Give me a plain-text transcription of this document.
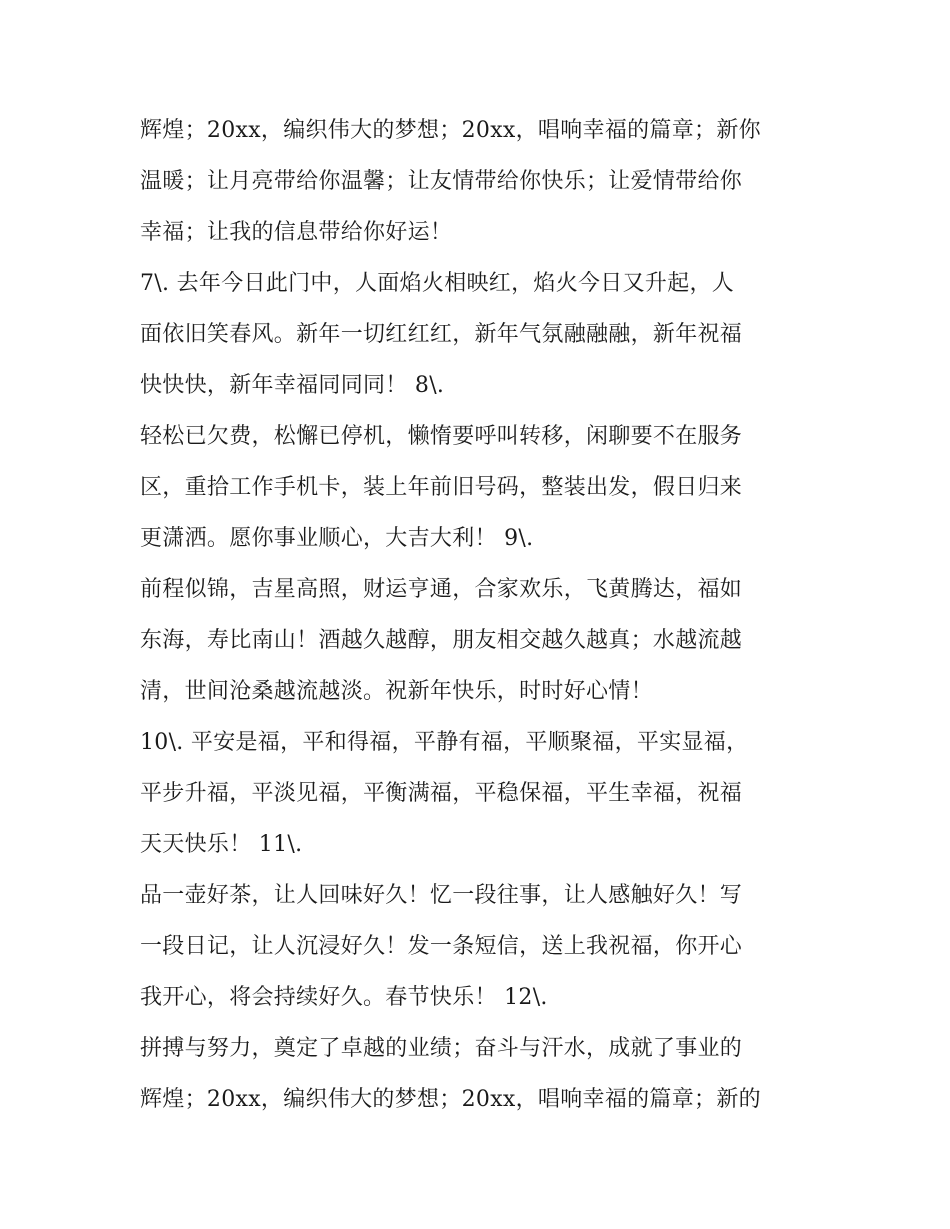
辉煌；20xx，编织伟大的梦想；20xx，唱响幸福的篇章；新你
温暖；让月亮带给你温馨；让友情带给你快乐；让爱情带给你
幸福；让我的信息带给你好运！
7\. 去年今日此门中，人面焰火相映红，焰火今日又升起，人
面依旧笑春风。新年一切红红红，新年气氛融融融，新年祝福
快快快，新年幸福同同同！ 8\.
轻松已欠费，松懈已停机，懒惰要呼叫转移，闲聊要不在服务
区，重拾工作手机卡，装上年前旧号码，整装出发，假日归来
更潇洒。愿你事业顺心，大吉大利！ 9\.
前程似锦，吉星高照，财运亨通，合家欢乐，飞黄腾达，福如
东海，寿比南山！酒越久越醇，朋友相交越久越真；水越流越
清，世间沧桑越流越淡。祝新年快乐，时时好心情！
10\. 平安是福，平和得福，平静有福，平顺聚福，平实显福，
平步升福，平淡见福，平衡满福，平稳保福，平生幸福，祝福
天天快乐！ 11\.
品一壶好茶，让人回味好久！忆一段往事，让人感触好久！写
一段日记，让人沉浸好久！发一条短信，送上我祝福，你开心
我开心，将会持续好久。春节快乐！ 12\.
拼搏与努力，奠定了卓越的业绩；奋斗与汗水，成就了事业的
辉煌；20xx，编织伟大的梦想；20xx，唱响幸福的篇章；新的
